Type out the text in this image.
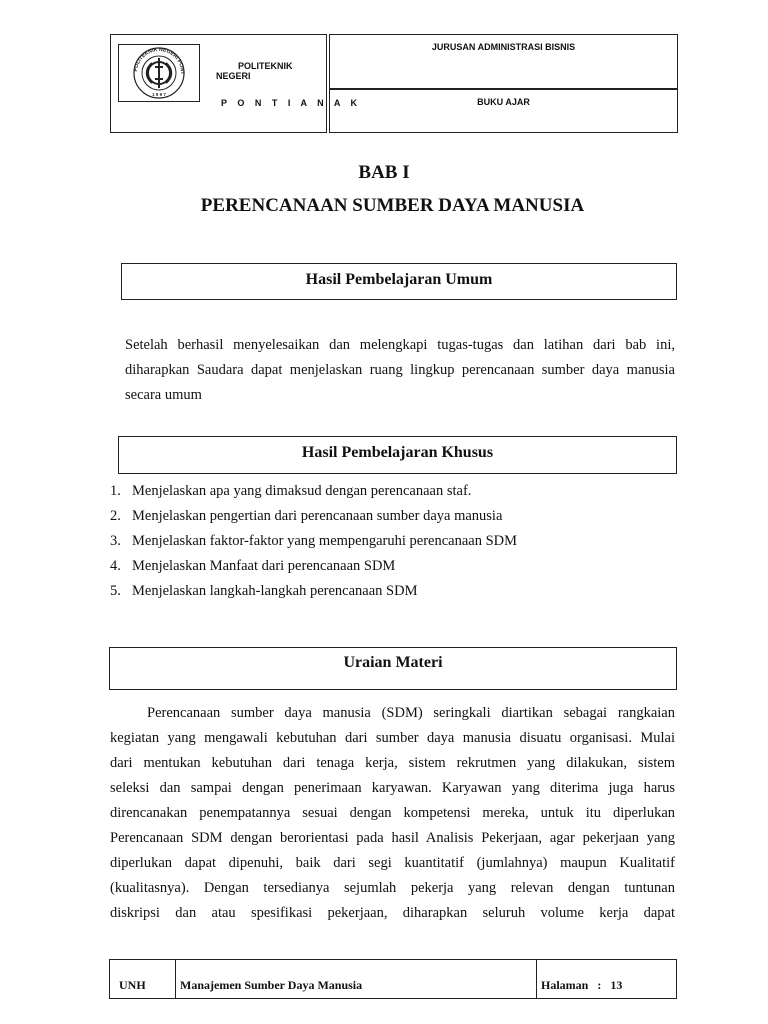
POLITEKNIK NEGERI PONT
1 9 9 7
POLITEKNIK
NEGERI
P O N T I A N A K
JURUSAN ADMINISTRASI BISNIS
BUKU AJAR
BAB I
PERENCANAAN SUMBER DAYA MANUSIA
Hasil Pembelajaran Umum
Setelah berhasil menyelesaikan dan melengkapi tugas-tugas dan latihan dari bab ini,
diharapkan Saudara dapat menjelaskan ruang lingkup perencanaan sumber daya manusia
secara umum
Hasil Pembelajaran Khusus
1. Menjelaskan apa yang dimaksud dengan perencanaan staf.
2. Menjelaskan pengertian dari perencanaan sumber daya manusia
3. Menjelaskan faktor-faktor yang mempengaruhi perencanaan SDM
4. Menjelaskan Manfaat dari perencanaan SDM
5. Menjelaskan langkah-langkah perencanaan SDM
Uraian Materi
Perencanaan sumber daya manusia (SDM) seringkali diartikan sebagai rangkaian
kegiatan yang mengawali kebutuhan dari sumber daya manusia disuatu organisasi. Mulai
dari mentukan kebutuhan dari tenaga kerja, sistem rekrutmen yang dilakukan, sistem
seleksi dan sampai dengan penerimaan karyawan. Karyawan yang diterima juga harus
direncanakan penempatannya sesuai dengan kompetensi mereka, untuk itu diperlukan
Perencanaan SDM dengan berorientasi pada hasil Analisis Pekerjaan, agar pekerjaan yang
diperlukan dapat dipenuhi, baik dari segi kuantitatif (jumlahnya) maupun Kualitatif
(kualitasnya). Dengan tersedianya sejumlah pekerja yang relevan dengan tuntunan
diskripsi dan atau spesifikasi pekerjaan, diharapkan seluruh volume kerja dapat
UNH	Manajemen Sumber Daya Manusia	Halaman   :   13
